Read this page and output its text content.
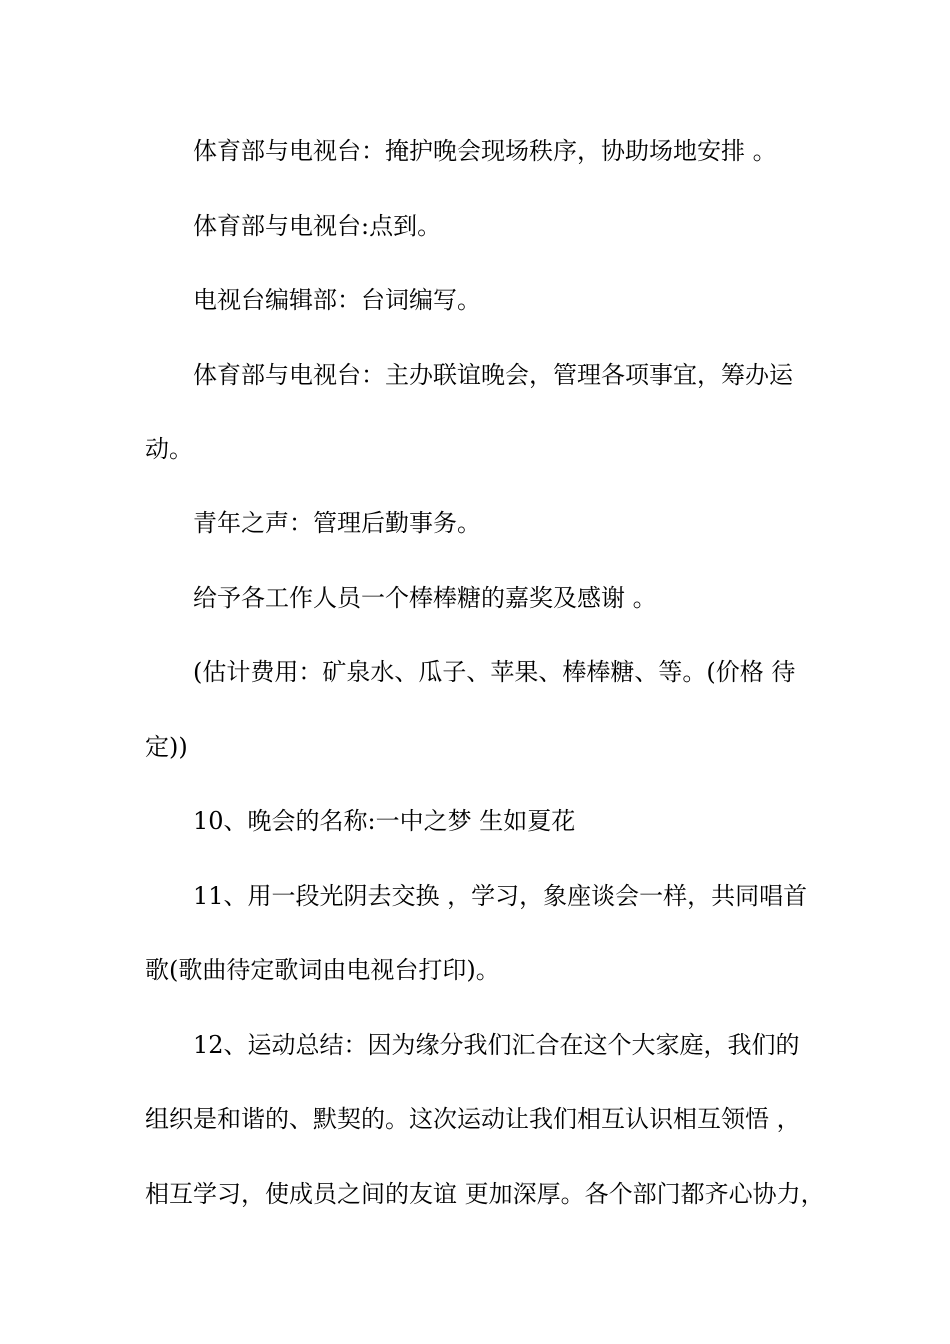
体育部与电视台：掩护晚会现场秩序，协助场地安排 。
体育部与电视台:点到。
电视台编辑部：台词编写。
体育部与电视台：主办联谊晚会，管理各项事宜，筹办运
动。
青年之声：管理后勤事务。
给予各工作人员一个棒棒糖的嘉奖及感谢 。
(估计费用：矿泉水、瓜子、苹果、棒棒糖、等。(价格 待
定))
10、晚会的名称:一中之梦 生如夏花
11、用一段光阴去交换 ，学习，象座谈会一样，共同唱首
歌(歌曲待定歌词由电视台打印)。
12、运动总结：因为缘分我们汇合在这个大家庭，我们的
组织是和谐的、默契的。这次运动让我们相互认识相互领悟 ，
相互学习，使成员之间的友谊 更加深厚。各个部门都齐心协力，
